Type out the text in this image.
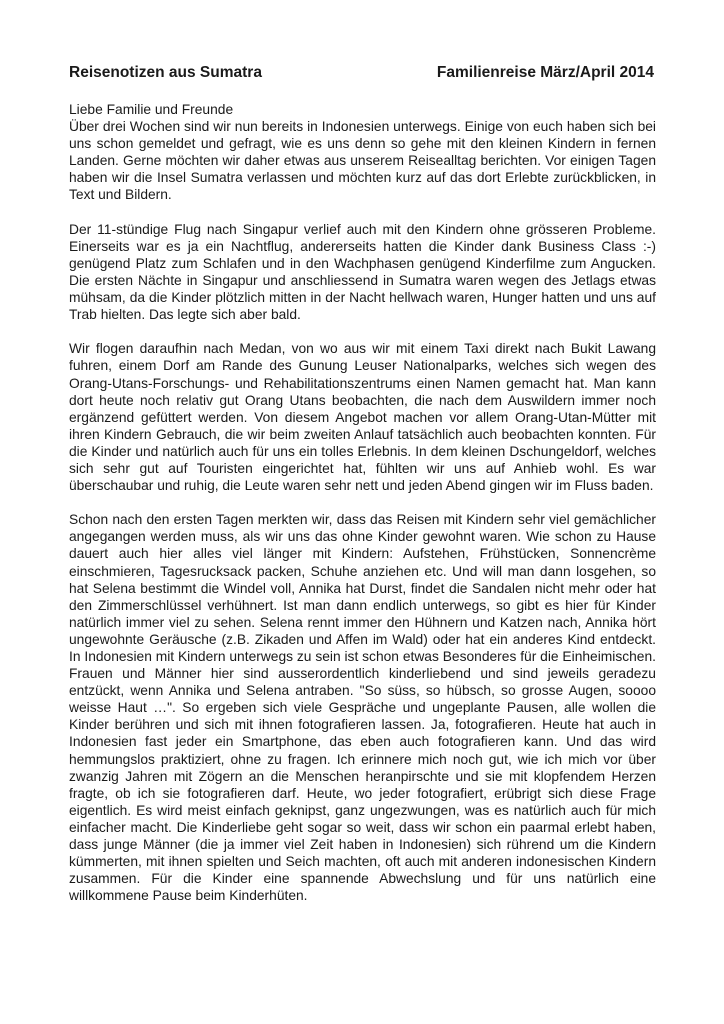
Reisenotizen aus Sumatra	Familienreise März/April 2014

Liebe Familie und Freunde

Über drei Wochen sind wir nun bereits in Indonesien unterwegs. Einige von euch haben sich bei uns schon gemeldet und gefragt, wie es uns denn so gehe mit den kleinen Kindern in fernen Landen. Gerne möchten wir daher etwas aus unserem Reisealltag berichten. Vor einigen Tagen haben wir die Insel Sumatra verlassen und möchten kurz auf das dort Erlebte zurückblicken, in Text und Bildern.

Der 11-stündige Flug nach Singapur verlief auch mit den Kindern ohne grösseren Probleme. Einerseits war es ja ein Nachtflug, andererseits hatten die Kinder dank Business Class :-) genügend Platz zum Schlafen und in den Wachphasen genügend Kinderfilme zum Angucken. Die ersten Nächte in Singapur und anschliessend in Sumatra waren wegen des Jetlags etwas mühsam, da die Kinder plötzlich mitten in der Nacht hellwach waren, Hunger hatten und uns auf Trab hielten. Das legte sich aber bald.

Wir flogen daraufhin nach Medan, von wo aus wir mit einem Taxi direkt nach Bukit Lawang fuhren, einem Dorf am Rande des Gunung Leuser Nationalparks, welches sich wegen des Orang-Utans-Forschungs- und Rehabilitationszentrums einen Namen gemacht hat. Man kann dort heute noch relativ gut Orang Utans beobachten, die nach dem Auswildern immer noch ergänzend gefüttert werden. Von diesem Angebot machen vor allem Orang-Utan-Mütter mit ihren Kindern Gebrauch, die wir beim zweiten Anlauf tatsächlich auch beobachten konnten. Für die Kinder und natürlich auch für uns ein tolles Erlebnis. In dem kleinen Dschungeldorf, welches sich sehr gut auf Touristen eingerichtet hat, fühlten wir uns auf Anhieb wohl. Es war überschaubar und ruhig, die Leute waren sehr nett und jeden Abend gingen wir im Fluss baden.

Schon nach den ersten Tagen merkten wir, dass das Reisen mit Kindern sehr viel gemächlicher angegangen werden muss, als wir uns das ohne Kinder gewohnt waren. Wie schon zu Hause dauert auch hier alles viel länger mit Kindern: Aufstehen, Frühstücken, Sonnencrème einschmieren, Tagesrucksack packen, Schuhe anziehen etc. Und will man dann losgehen, so hat Selena bestimmt die Windel voll, Annika hat Durst, findet die Sandalen nicht mehr oder hat den Zimmerschlüssel verhühnert. Ist man dann endlich unterwegs, so gibt es hier für Kinder natürlich immer viel zu sehen. Selena rennt immer den Hühnern und Katzen nach, Annika hört ungewohnte Geräusche (z.B. Zikaden und Affen im Wald) oder hat ein anderes Kind entdeckt. In Indonesien mit Kindern unterwegs zu sein ist schon etwas Besonderes für die Einheimischen. Frauen und Männer hier sind ausserordentlich kinderliebend und sind jeweils geradezu entzückt, wenn Annika und Selena antraben. "So süss, so hübsch, so grosse Augen, soooo weisse Haut …". So ergeben sich viele Gespräche und ungeplante Pausen, alle wollen die Kinder berühren und sich mit ihnen fotografieren lassen. Ja, fotografieren. Heute hat auch in Indonesien fast jeder ein Smartphone, das eben auch fotografieren kann. Und das wird hemmungslos praktiziert, ohne zu fragen. Ich erinnere mich noch gut, wie ich mich vor über zwanzig Jahren mit Zögern an die Menschen heranpirschte und sie mit klopfendem Herzen fragte, ob ich sie fotografieren darf. Heute, wo jeder fotografiert, erübrigt sich diese Frage eigentlich. Es wird meist einfach geknipst, ganz ungezwungen, was es natürlich auch für mich einfacher macht. Die Kinderliebe geht sogar so weit, dass wir schon ein paarmal erlebt haben, dass junge Männer (die ja immer viel Zeit haben in Indonesien) sich rührend um die Kindern kümmerten, mit ihnen spielten und Seich machten, oft auch mit anderen indonesischen Kindern zusammen. Für die Kinder eine spannende Abwechslung und für uns natürlich eine willkommene Pause beim Kinderhüten.
